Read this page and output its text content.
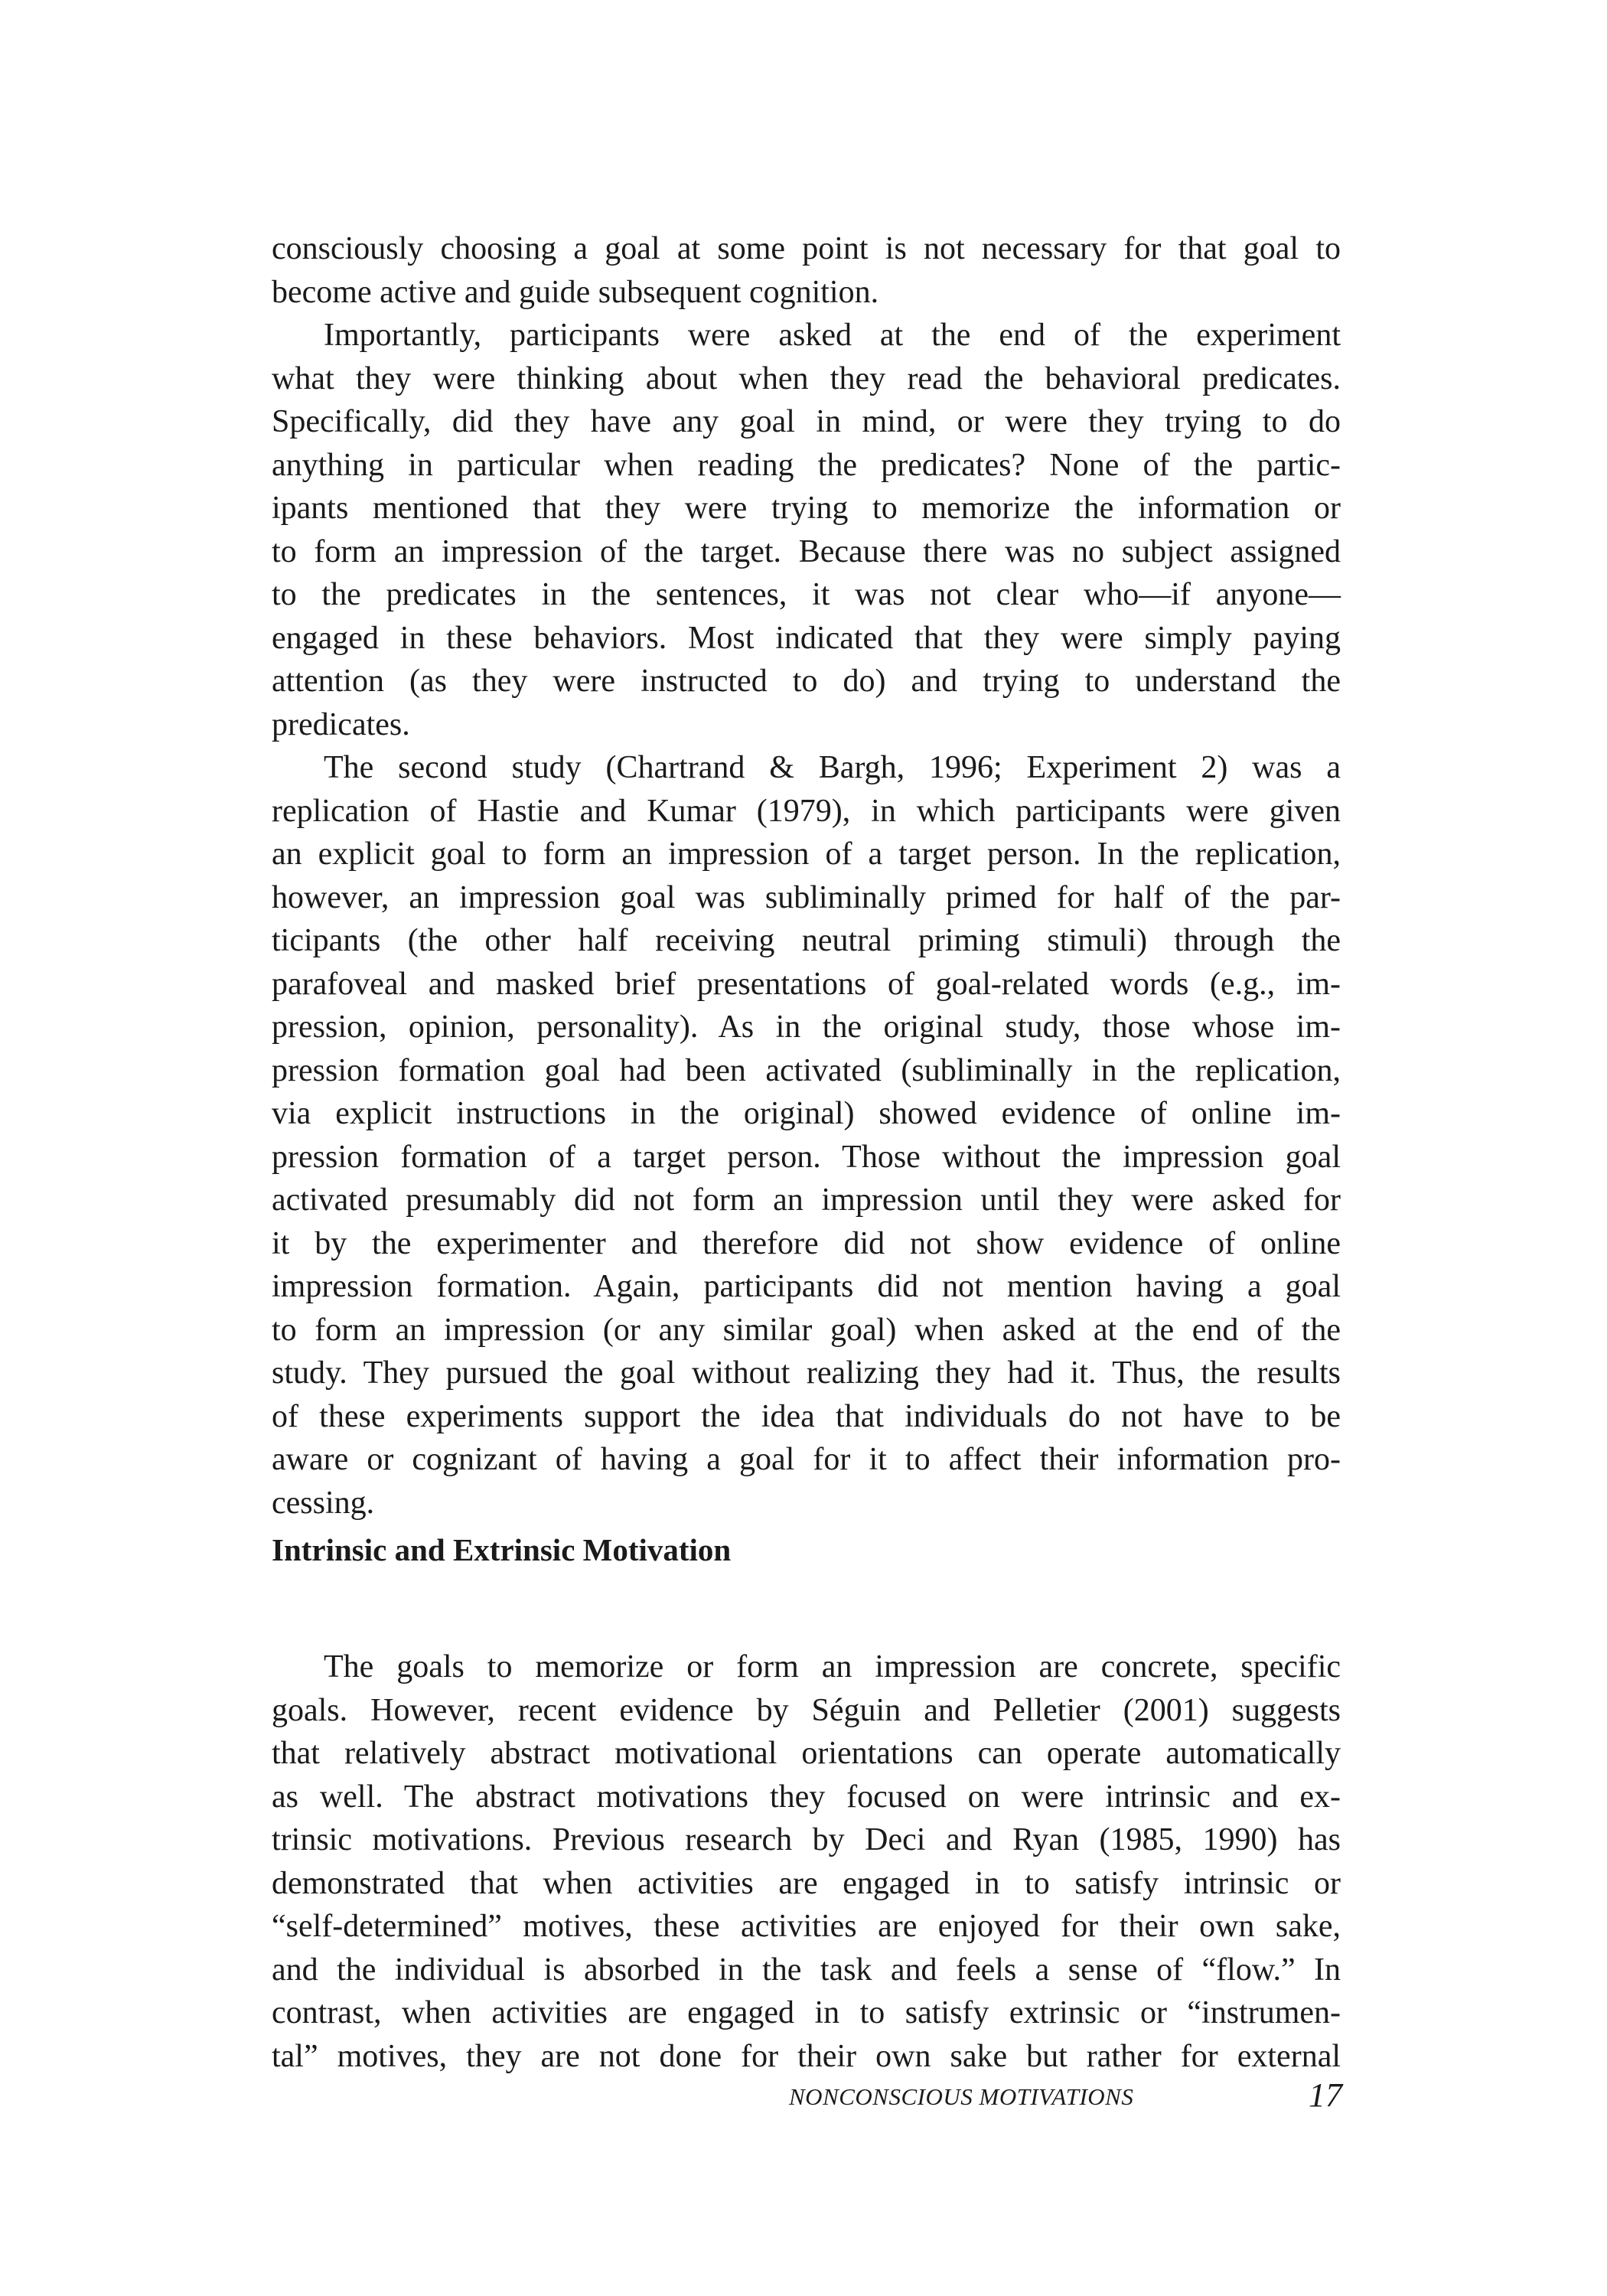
consciously choosing a goal at some point is not necessary for that goal to
become active and guide subsequent cognition.
Importantly, participants were asked at the end of the experiment
what they were thinking about when they read the behavioral predicates.
Specifically, did they have any goal in mind, or were they trying to do
anything in particular when reading the predicates? None of the partic-
ipants mentioned that they were trying to memorize the information or
to form an impression of the target. Because there was no subject assigned
to the predicates in the sentences, it was not clear who—if anyone—
engaged in these behaviors. Most indicated that they were simply paying
attention (as they were instructed to do) and trying to understand the
predicates.
The second study (Chartrand & Bargh, 1996; Experiment 2) was a
replication of Hastie and Kumar (1979), in which participants were given
an explicit goal to form an impression of a target person. In the replication,
however, an impression goal was subliminally primed for half of the par-
ticipants (the other half receiving neutral priming stimuli) through the
parafoveal and masked brief presentations of goal-related words (e.g., im-
pression, opinion, personality). As in the original study, those whose im-
pression formation goal had been activated (subliminally in the replication,
via explicit instructions in the original) showed evidence of online im-
pression formation of a target person. Those without the impression goal
activated presumably did not form an impression until they were asked for
it by the experimenter and therefore did not show evidence of online
impression formation. Again, participants did not mention having a goal
to form an impression (or any similar goal) when asked at the end of the
study. They pursued the goal without realizing they had it. Thus, the results
of these experiments support the idea that individuals do not have to be
aware or cognizant of having a goal for it to affect their information pro-
cessing.
Intrinsic and Extrinsic Motivation
The goals to memorize or form an impression are concrete, specific
goals. However, recent evidence by Séguin and Pelletier (2001) suggests
that relatively abstract motivational orientations can operate automatically
as well. The abstract motivations they focused on were intrinsic and ex-
trinsic motivations. Previous research by Deci and Ryan (1985, 1990) has
demonstrated that when activities are engaged in to satisfy intrinsic or
“self-determined” motives, these activities are enjoyed for their own sake,
and the individual is absorbed in the task and feels a sense of “flow.” In
contrast, when activities are engaged in to satisfy extrinsic or “instrumen-
tal” motives, they are not done for their own sake but rather for external
NONCONSCIOUS MOTIVATIONS	17
